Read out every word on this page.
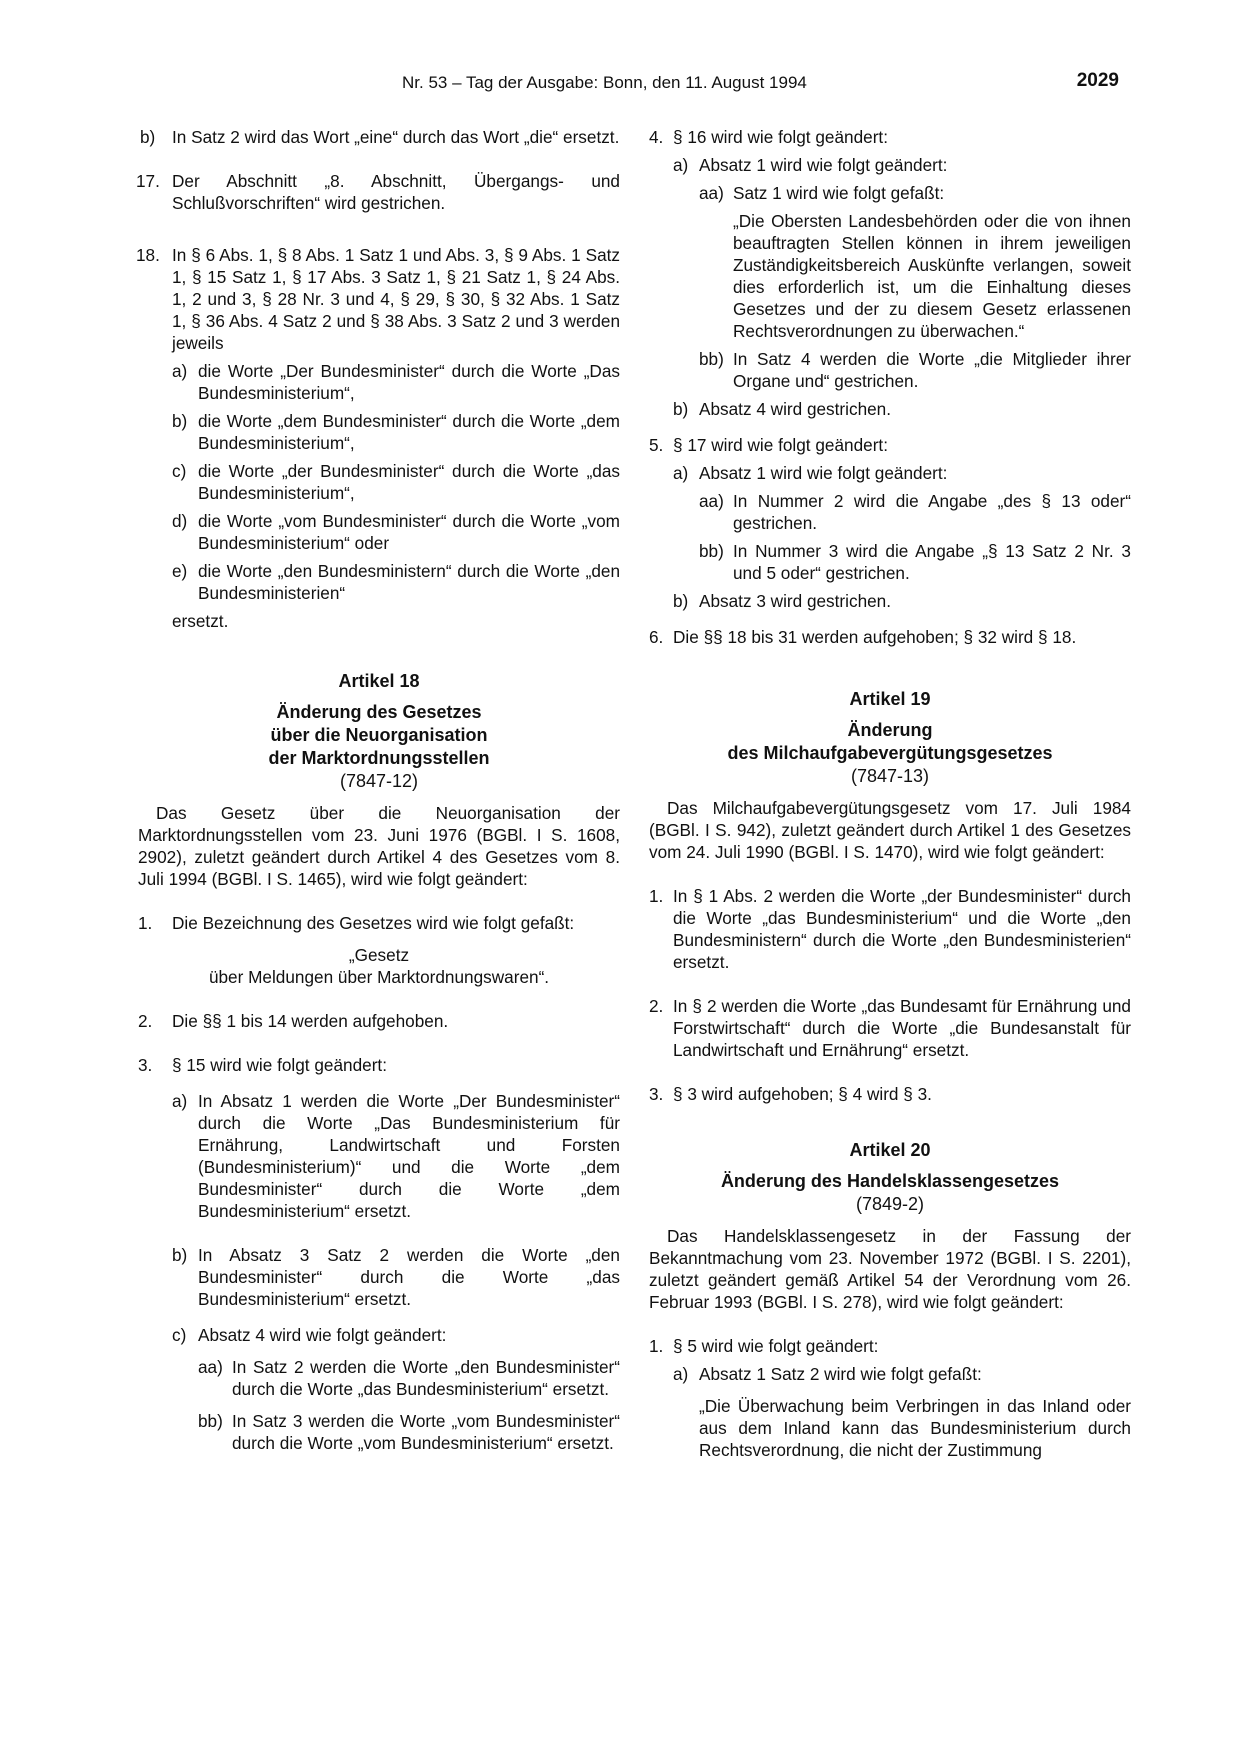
Nr. 53 – Tag der Ausgabe: Bonn, den 11. August 1994	2029
b) In Satz 2 wird das Wort „eine“ durch das Wort „die“ ersetzt.
17. Der Abschnitt „8. Abschnitt, Übergangs- und Schlußvorschriften“ wird gestrichen.
18. In § 6 Abs. 1, § 8 Abs. 1 Satz 1 und Abs. 3, § 9 Abs. 1 Satz 1, § 15 Satz 1, § 17 Abs. 3 Satz 1, § 21 Satz 1, § 24 Abs. 1, 2 und 3, § 28 Nr. 3 und 4, § 29, § 30, § 32 Abs. 1 Satz 1, § 36 Abs. 4 Satz 2 und § 38 Abs. 3 Satz 2 und 3 werden jeweils
a) die Worte „Der Bundesminister“ durch die Worte „Das Bundesministerium“,
b) die Worte „dem Bundesminister“ durch die Worte „dem Bundesministerium“,
c) die Worte „der Bundesminister“ durch die Worte „das Bundesministerium“,
d) die Worte „vom Bundesminister“ durch die Worte „vom Bundesministerium“ oder
e) die Worte „den Bundesministern“ durch die Worte „den Bundesministerien“

ersetzt.

Artikel 18
Änderung des Gesetzes
über die Neuorganisation
der Marktordnungsstellen
(7847-12)

Das Gesetz über die Neuorganisation der Marktordnungsstellen vom 23. Juni 1976 (BGBl. I S. 1608, 2902), zuletzt geändert durch Artikel 4 des Gesetzes vom 8. Juli 1994 (BGBl. I S. 1465), wird wie folgt geändert:

1. Die Bezeichnung des Gesetzes wird wie folgt gefaßt:
„Gesetz
über Meldungen über Marktordnungswaren“.
2. Die §§ 1 bis 14 werden aufgehoben.
3. § 15 wird wie folgt geändert:
a) In Absatz 1 werden die Worte „Der Bundesminister“ durch die Worte „Das Bundesministerium für Ernährung, Landwirtschaft und Forsten (Bundesministerium)“ und die Worte „dem Bundesminister“ durch die Worte „dem Bundesministerium“ ersetzt.
b) In Absatz 3 Satz 2 werden die Worte „den Bundesminister“ durch die Worte „das Bundesministerium“ ersetzt.
c) Absatz 4 wird wie folgt geändert:
aa) In Satz 2 werden die Worte „den Bundesminister“ durch die Worte „das Bundesministerium“ ersetzt.
bb) In Satz 3 werden die Worte „vom Bundesminister“ durch die Worte „vom Bundesministerium“ ersetzt.
4. § 16 wird wie folgt geändert:
a) Absatz 1 wird wie folgt geändert:
aa) Satz 1 wird wie folgt gefaßt:

„Die Obersten Landesbehörden oder die von ihnen beauftragten Stellen können in ihrem jeweiligen Zuständigkeitsbereich Auskünfte verlangen, soweit dies erforderlich ist, um die Einhaltung dieses Gesetzes und der zu diesem Gesetz erlassenen Rechtsverordnungen zu überwachen.“

bb) In Satz 4 werden die Worte „die Mitglieder ihrer Organe und“ gestrichen.
b) Absatz 4 wird gestrichen.
5. § 17 wird wie folgt geändert:
a) Absatz 1 wird wie folgt geändert:
aa) In Nummer 2 wird die Angabe „des § 13 oder“ gestrichen.
bb) In Nummer 3 wird die Angabe „§ 13 Satz 2 Nr. 3 und 5 oder“ gestrichen.
b) Absatz 3 wird gestrichen.
6. Die §§ 18 bis 31 werden aufgehoben; § 32 wird § 18.
Artikel 19
Änderung
des Milchaufgabevergütungsgesetzes
(7847-13)

Das Milchaufgabevergütungsgesetz vom 17. Juli 1984 (BGBl. I S. 942), zuletzt geändert durch Artikel 1 des Gesetzes vom 24. Juli 1990 (BGBl. I S. 1470), wird wie folgt geändert:

1. In § 1 Abs. 2 werden die Worte „der Bundesminister“ durch die Worte „das Bundesministerium“ und die Worte „den Bundesministern“ durch die Worte „den Bundesministerien“ ersetzt.
2. In § 2 werden die Worte „das Bundesamt für Ernährung und Forstwirtschaft“ durch die Worte „die Bundesanstalt für Landwirtschaft und Ernährung“ ersetzt.
3. § 3 wird aufgehoben; § 4 wird § 3.
Artikel 20
Änderung des Handelsklassengesetzes
(7849-2)

Das Handelsklassengesetz in der Fassung der Bekanntmachung vom 23. November 1972 (BGBl. I S. 2201), zuletzt geändert gemäß Artikel 54 der Verordnung vom 26. Februar 1993 (BGBl. I S. 278), wird wie folgt geändert:

1. § 5 wird wie folgt geändert:
a) Absatz 1 Satz 2 wird wie folgt gefaßt:

„Die Überwachung beim Verbringen in das Inland oder aus dem Inland kann das Bundesministerium durch Rechtsverordnung, die nicht der Zustimmung
